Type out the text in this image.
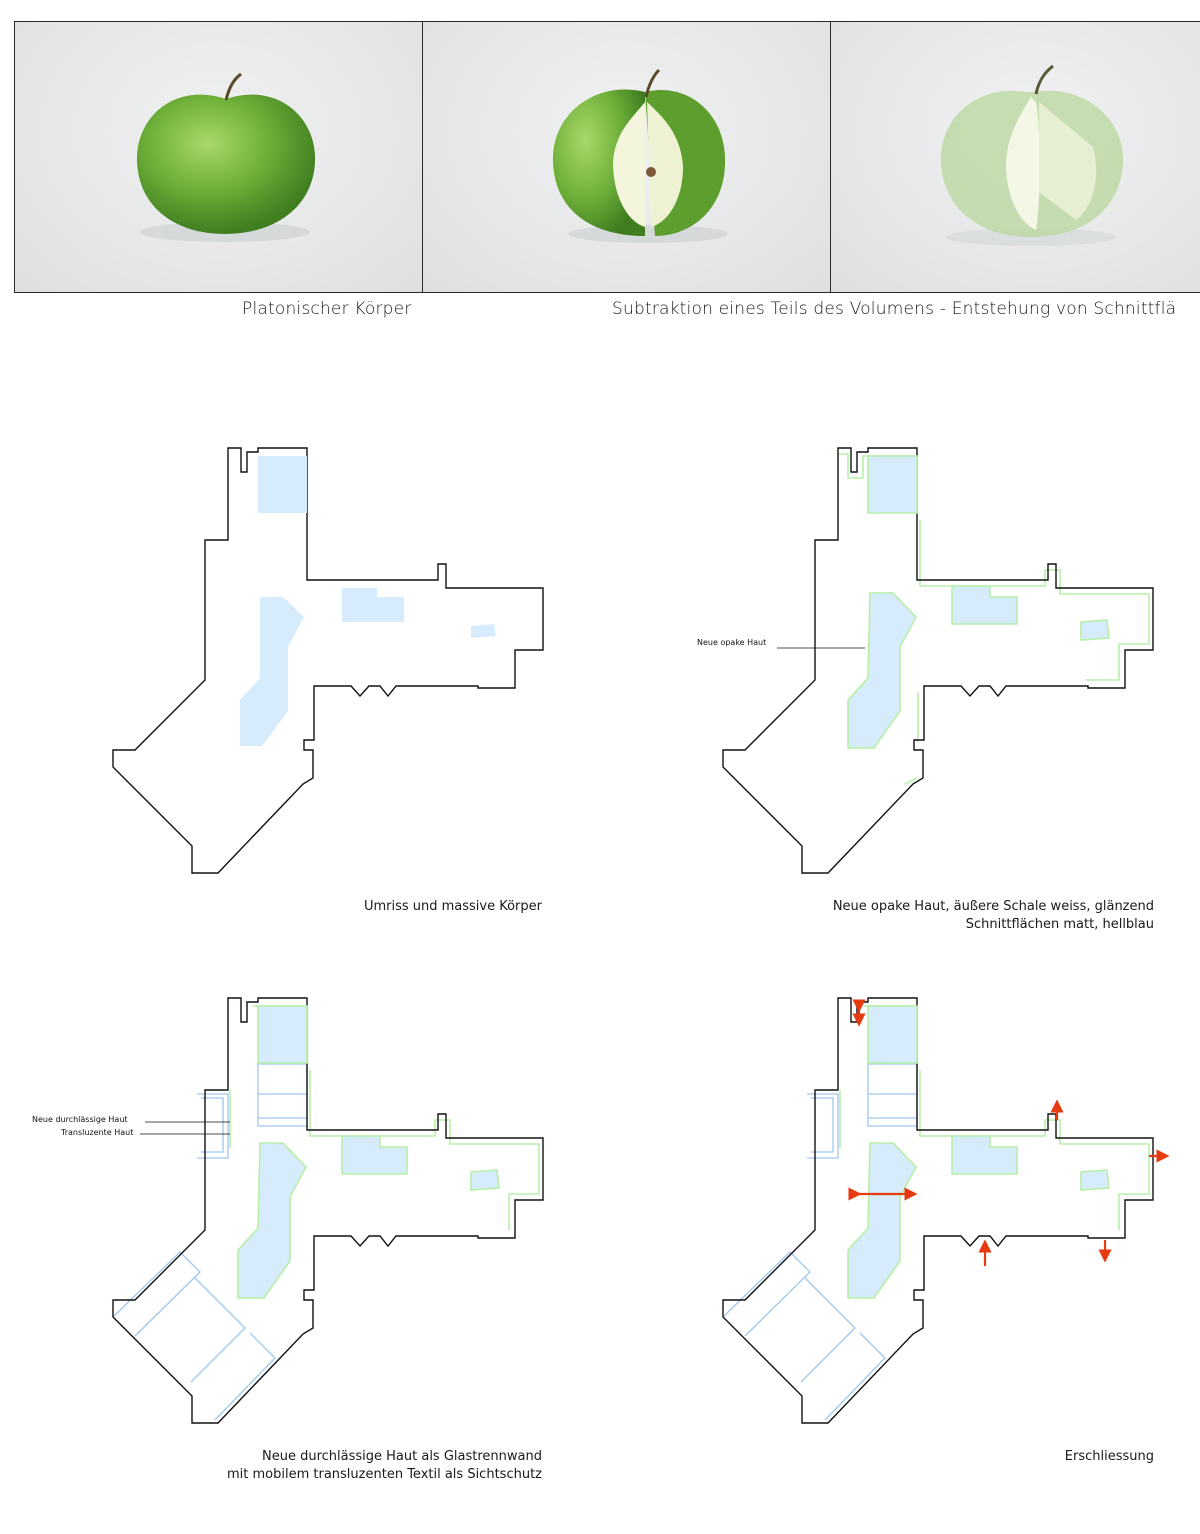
Platonischer Körper	Subtraktion eines Teils des Volumens - Entstehung von Schnittflä
Umriss und massive Körper
Neue opake Haut
Neue opake Haut, äußere Schale weiss, glänzend
Schnittflächen matt, hellblau
Neue durchlässige Haut
Transluzente Haut
Neue durchlässige Haut als Glastrennwand
mit mobilem transluzenten Textil als Sichtschutz
Erschliessung
